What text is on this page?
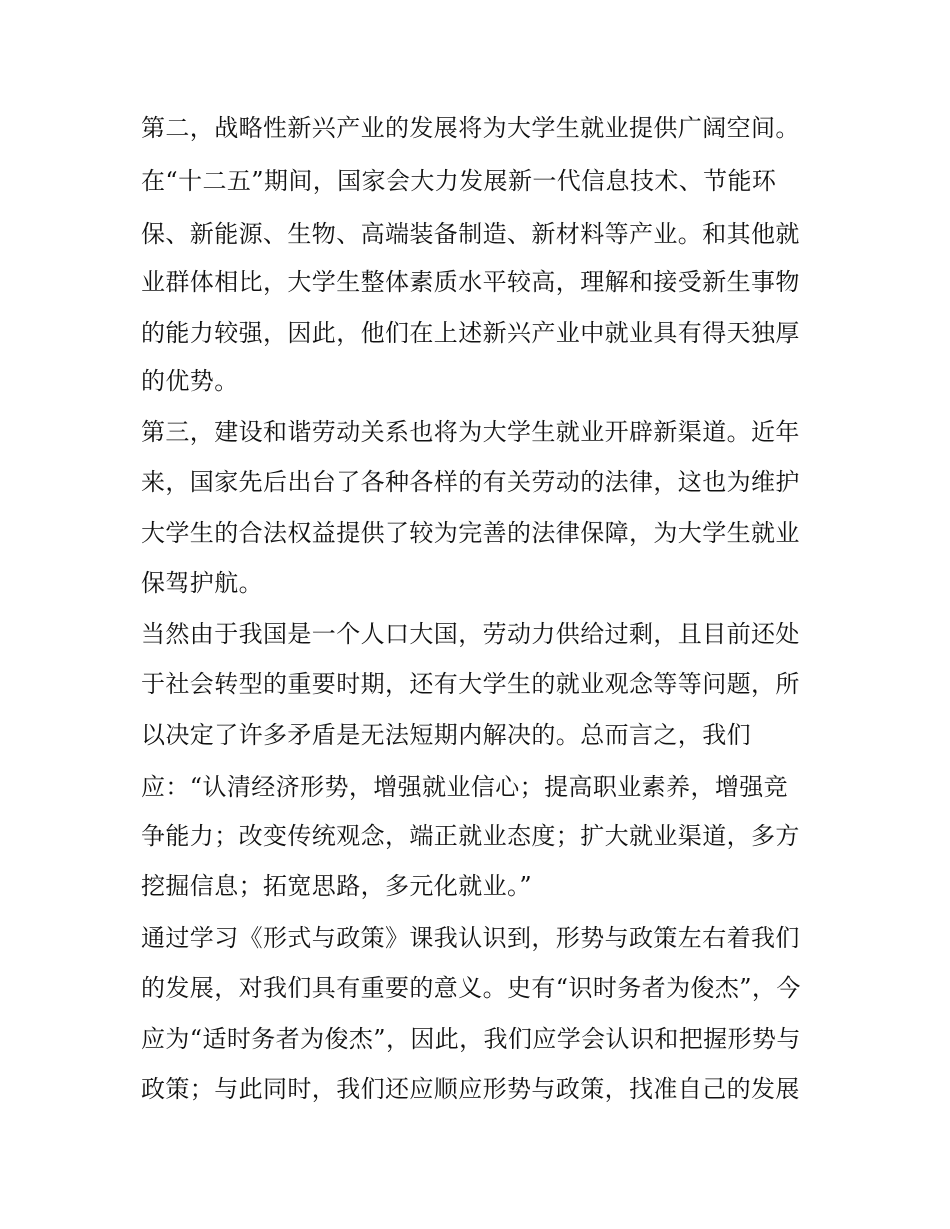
第二，战略性新兴产业的发展将为大学生就业提供广阔空间。
在“十二五”期间，国家会大力发展新一代信息技术、节能环
保、新能源、生物、高端装备制造、新材料等产业。和其他就
业群体相比，大学生整体素质水平较高，理解和接受新生事物
的能力较强，因此，他们在上述新兴产业中就业具有得天独厚
的优势。
第三，建设和谐劳动关系也将为大学生就业开辟新渠道。近年
来，国家先后出台了各种各样的有关劳动的法律，这也为维护
大学生的合法权益提供了较为完善的法律保障，为大学生就业
保驾护航。
当然由于我国是一个人口大国，劳动力供给过剩，且目前还处
于社会转型的重要时期，还有大学生的就业观念等等问题，所
以决定了许多矛盾是无法短期内解决的。总而言之，我们
应：“认清经济形势，增强就业信心；提高职业素养，增强竞
争能力；改变传统观念，端正就业态度；扩大就业渠道，多方
挖掘信息；拓宽思路，多元化就业。”
通过学习《形式与政策》课我认识到，形势与政策左右着我们
的发展，对我们具有重要的意义。史有“识时务者为俊杰”，今
应为“适时务者为俊杰”，因此，我们应学会认识和把握形势与
政策；与此同时，我们还应顺应形势与政策，找准自己的发展
